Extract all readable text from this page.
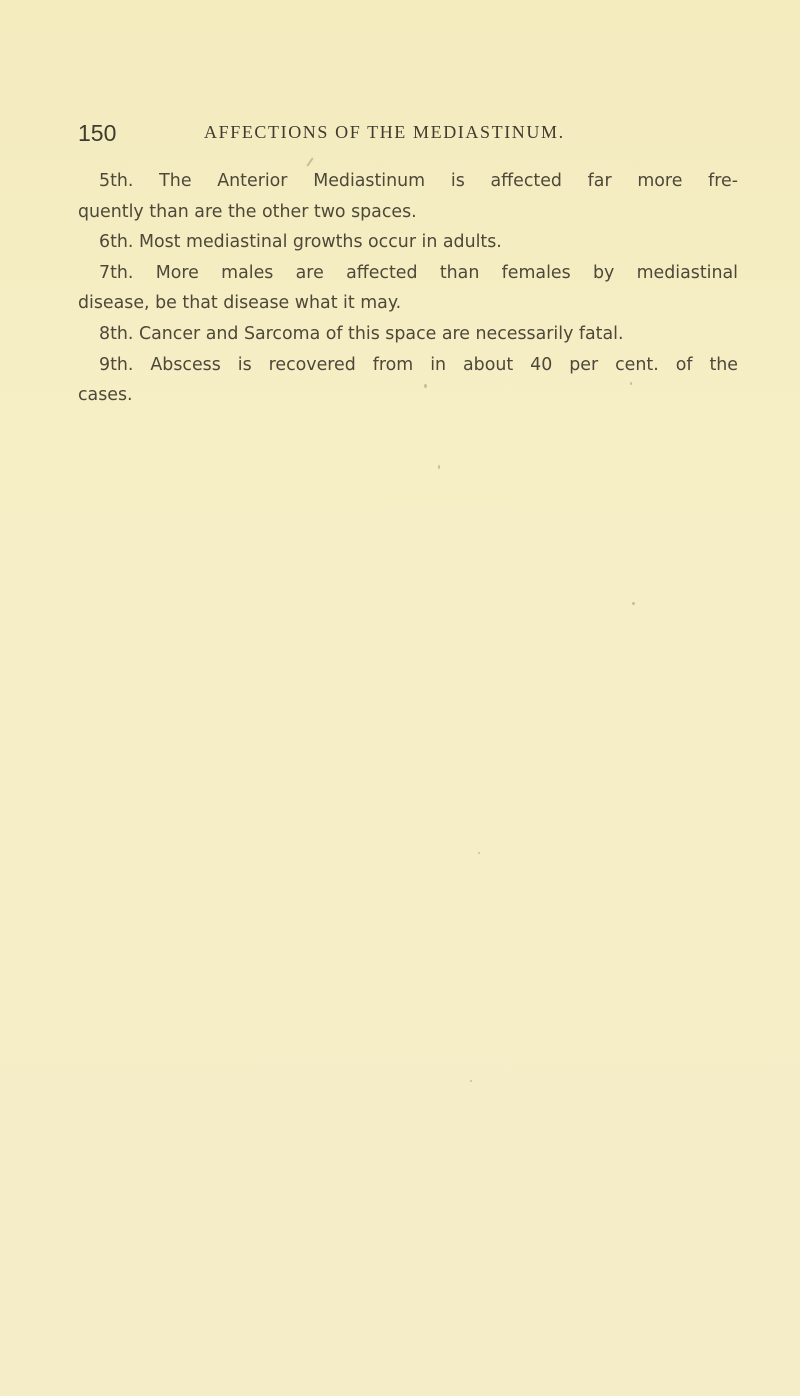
150	AFFECTIONS OF THE MEDIASTINUM.
5th. The Anterior Mediastinum is affected far more fre-
quently than are the other two spaces.
6th. Most mediastinal growths occur in adults.
7th. More males are affected than females by mediastinal
disease, be that disease what it may.
8th. Cancer and Sarcoma of this space are necessarily fatal.
9th. Abscess is recovered from in about 40 per cent. of the
cases.
